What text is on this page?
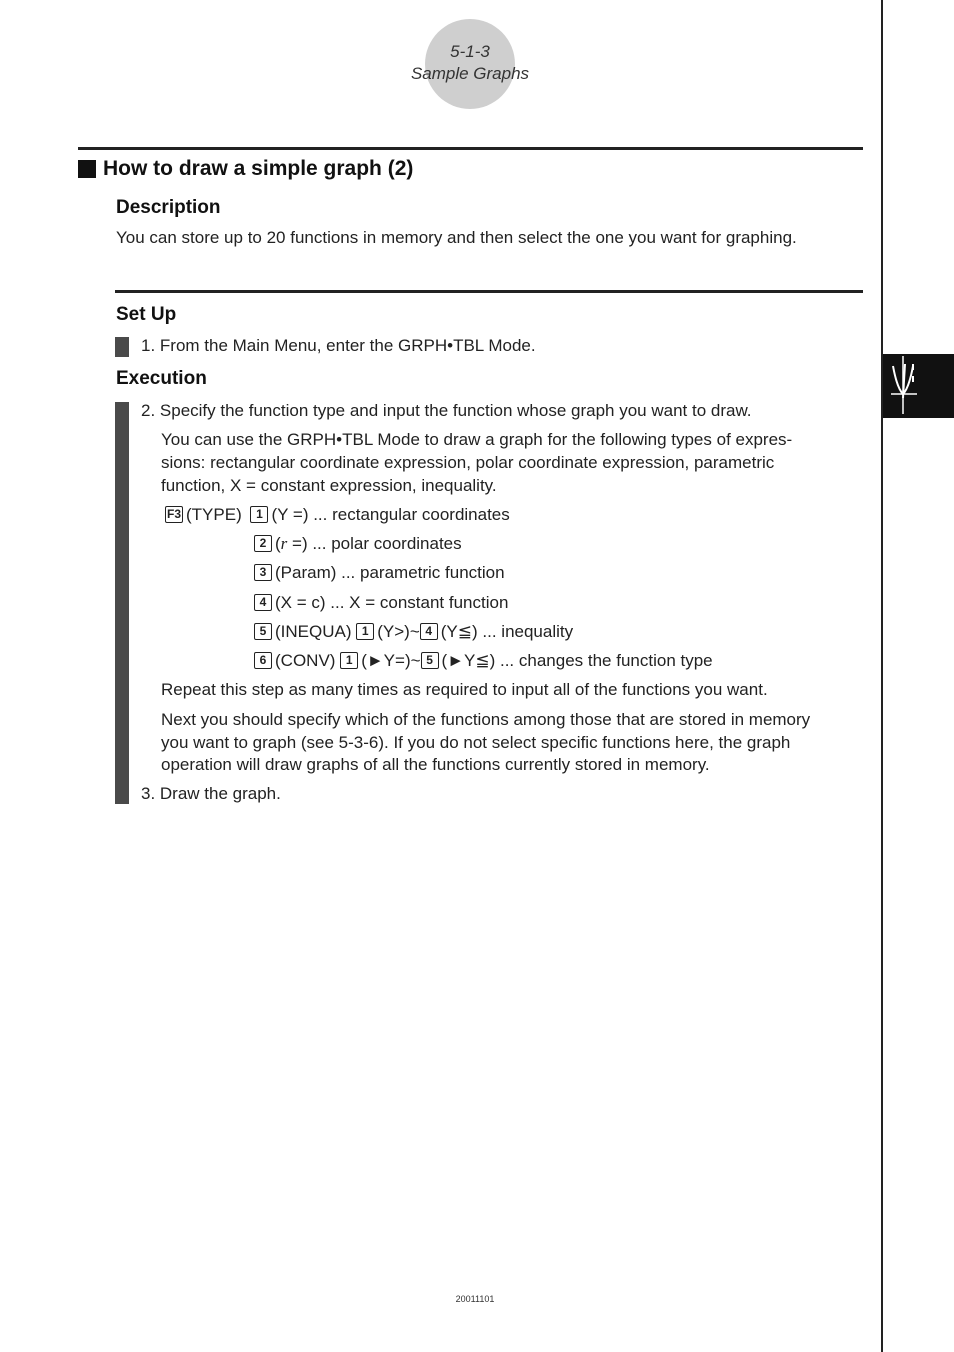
5-1-3
Sample Graphs
How to draw a simple graph (2)
Description
You can store up to 20 functions in memory and then select the one you want for graphing.
Set Up
1. From the Main Menu, enter the GRPH•TBL Mode.
Execution
2. Specify the function type and input the function whose graph you want to draw.
You can use the GRPH•TBL Mode to draw a graph for the following types of expres-
sions: rectangular coordinate expression, polar coordinate expression, parametric
function, X = constant expression, inequality.
F3 (TYPE) 1 (Y =) ... rectangular coordinates
2 (r =) ... polar coordinates
3 (Param) ... parametric function
4 (X = c) ... X = constant function
5 (INEQUA) 1 (Y>)~ 4 (Y≦) ... inequality
6 (CONV) 1 (►Y=)~ 5 (►Y≦) ... changes the function type
Repeat this step as many times as required to input all of the functions you want.
Next you should specify which of the functions among those that are stored in memory
you want to graph (see 5-3-6). If you do not select specific functions here, the graph
operation will draw graphs of all the functions currently stored in memory.
3. Draw the graph.
20011101
